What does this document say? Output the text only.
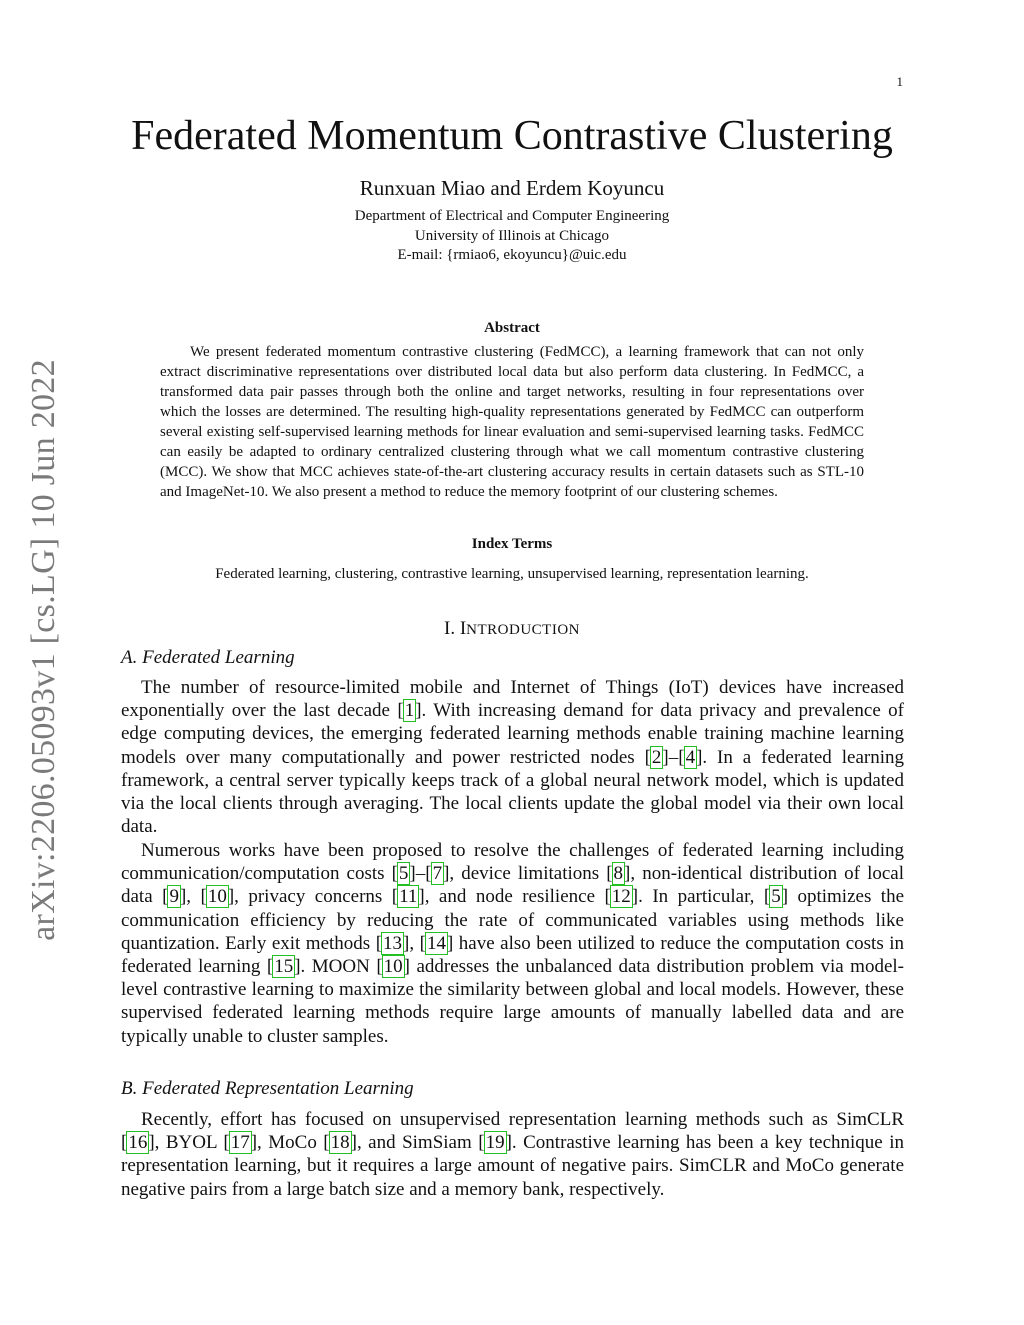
1
arXiv:2206.05093v1 [cs.LG] 10 Jun 2022
Federated Momentum Contrastive Clustering
Runxuan Miao and Erdem Koyuncu
Department of Electrical and Computer Engineering
University of Illinois at Chicago
E-mail: {rmiao6, ekoyuncu}@uic.edu
Abstract

We present federated momentum contrastive clustering (FedMCC), a learning framework that can not only extract discriminative representations over distributed local data but also perform data clustering. In FedMCC, a transformed data pair passes through both the online and target networks, resulting in four representations over which the losses are determined. The resulting high-quality representations generated by FedMCC can outperform several existing self-supervised learning methods for linear evaluation and semi-supervised learning tasks. FedMCC can easily be adapted to ordinary centralized clustering through what we call momentum contrastive clustering (MCC). We show that MCC achieves state-of-the-art clustering accuracy results in certain datasets such as STL-10 and ImageNet-10. We also present a method to reduce the memory footprint of our clustering schemes.

Index Terms

Federated learning, clustering, contrastive learning, unsupervised learning, representation learning.

I. INTRODUCTION
A. Federated Learning

The number of resource-limited mobile and Internet of Things (IoT) devices have increased exponentially over the last decade [1]. With increasing demand for data privacy and prevalence of edge computing devices, the emerging federated learning methods enable training machine learning models over many computationally and power restricted nodes [2]–[4]. In a federated learning framework, a central server typically keeps track of a global neural network model, which is updated via the local clients through averaging. The local clients update the global model via their own local data.

Numerous works have been proposed to resolve the challenges of federated learning including communication/computation costs [5]–[7], device limitations [8], non-identical distribution of local data [9], [10], privacy concerns [11], and node resilience [12]. In particular, [5] optimizes the communication efficiency by reducing the rate of communicated variables using methods like quantization. Early exit methods [13], [14] have also been utilized to reduce the computation costs in federated learning [15]. MOON [10] addresses the unbalanced data distribution problem via model-level contrastive learning to maximize the similarity between global and local models. However, these supervised federated learning methods require large amounts of manually labelled data and are typically unable to cluster samples.

B. Federated Representation Learning

Recently, effort has focused on unsupervised representation learning methods such as SimCLR [16], BYOL [17], MoCo [18], and SimSiam [19]. Contrastive learning has been a key technique in representation learning, but it requires a large amount of negative pairs. SimCLR and MoCo generate negative pairs from a large batch size and a memory bank, respectively.
